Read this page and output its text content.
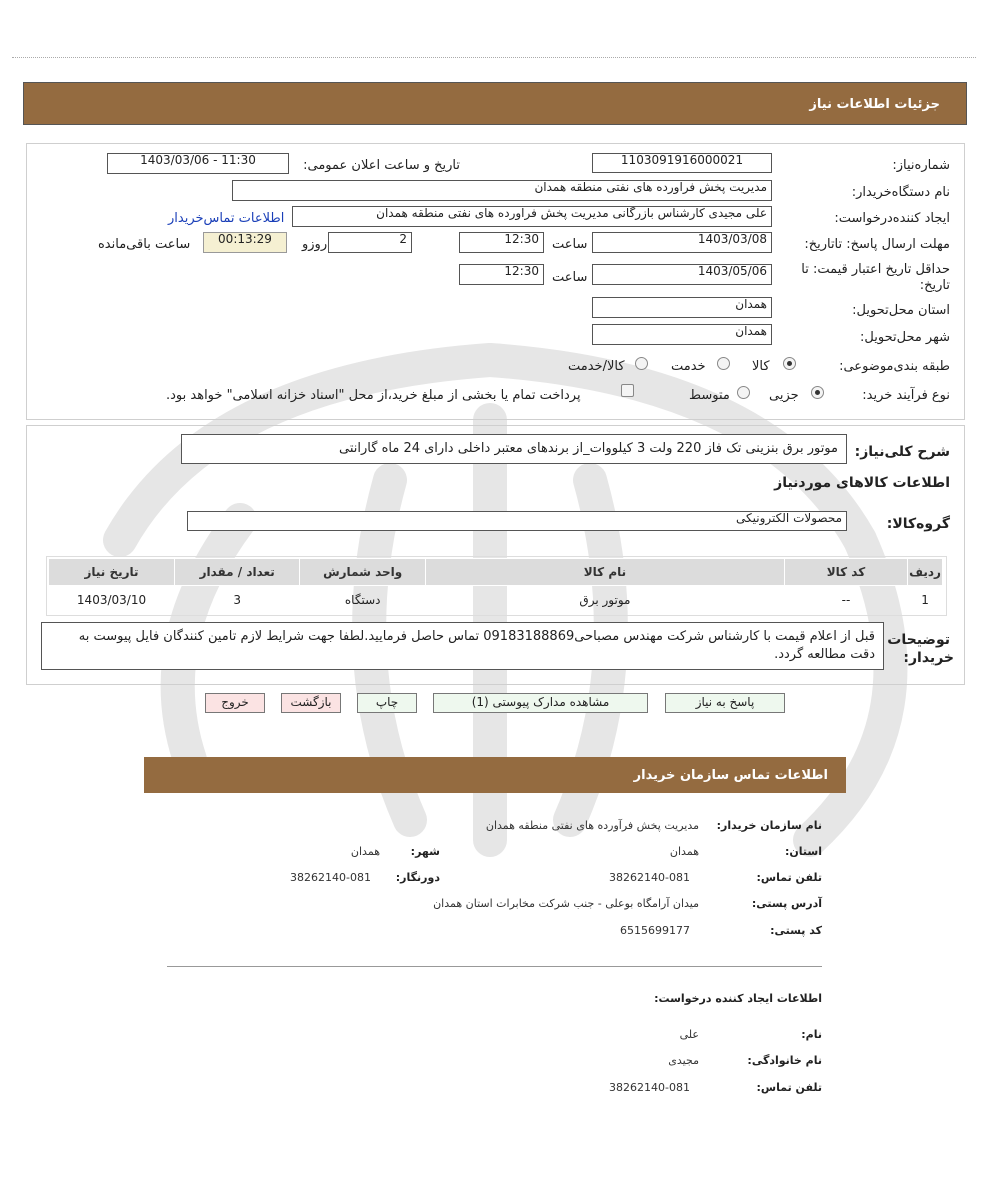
جزئیات اطلاعات نیاز
شماره‌نیاز:
1103091916000021
تاریخ و ساعت اعلان عمومی:
1403/03/06 - 11:30
نام دستگاه‌خریدار:
مدیریت پخش فراورده های نفتی منطقه همدان
ایجاد کننده‌درخواست:
علی مجیدی کارشناس بازرگانی مدیریت پخش فراورده های نفتی منطقه همدان
اطلاعات تماس‌خریدار
مهلت ارسال پاسخ: تاتاریخ:
1403/03/08
ساعت
12:30
2
روزو
00:13:29
ساعت باقی‌مانده
حداقل تاریخ اعتبار قیمت: تا
تاریخ:
1403/05/06
ساعت
12:30
استان محل‌تحویل:
همدان
شهر محل‌تحویل:
همدان
طبقه بندی‌موضوعی:
کالا
خدمت
کالا/خدمت
نوع فرآیند خرید:
جزیی
متوسط
پرداخت تمام یا بخشی از مبلغ خرید،از محل "اسناد خزانه اسلامی" خواهد بود.
شرح کلی‌نیاز:
موتور برق بنزینی تک فاز 220 ولت 3 کیلووات_از برندهای معتبر داخلی دارای 24 ماه گارانتی
اطلاعات کالاهای مورد‌نیاز
گروه‌کالا:
محصولات الکترونیکی
ردیف	کد کالا	نام کالا	واحد شمارش	تعداد / مقدار	تاریخ نیاز
1	--	موتور برق	دستگاه	3	1403/03/10
توضیحات
خریدار:
قبل از اعلام قیمت با کارشناس شرکت مهندس مصباحی09183188869 تماس حاصل فرمایید.لطفا جهت شرایط لازم تامین کنندگان فایل پیوست به دقت مطالعه گردد.
پاسخ به نیاز
مشاهده مدارک پیوستی (1)
چاپ
بازگشت
خروج
اطلاعات تماس سازمان خریدار
نام سازمان خریدار:
مدیریت پخش فرآورده های نفتی منطقه همدان
استان:
همدان
شهر:
همدان
تلفن تماس:
38262140-081
دورنگار:
38262140-081
آدرس پستی:
میدان آرامگاه بوعلی - جنب شرکت مخابرات استان همدان
کد پستی:
6515699177
اطلاعات ایجاد کننده درخواست:
نام:
علی
نام خانوادگی:
مجیدی
تلفن تماس:
38262140-081
